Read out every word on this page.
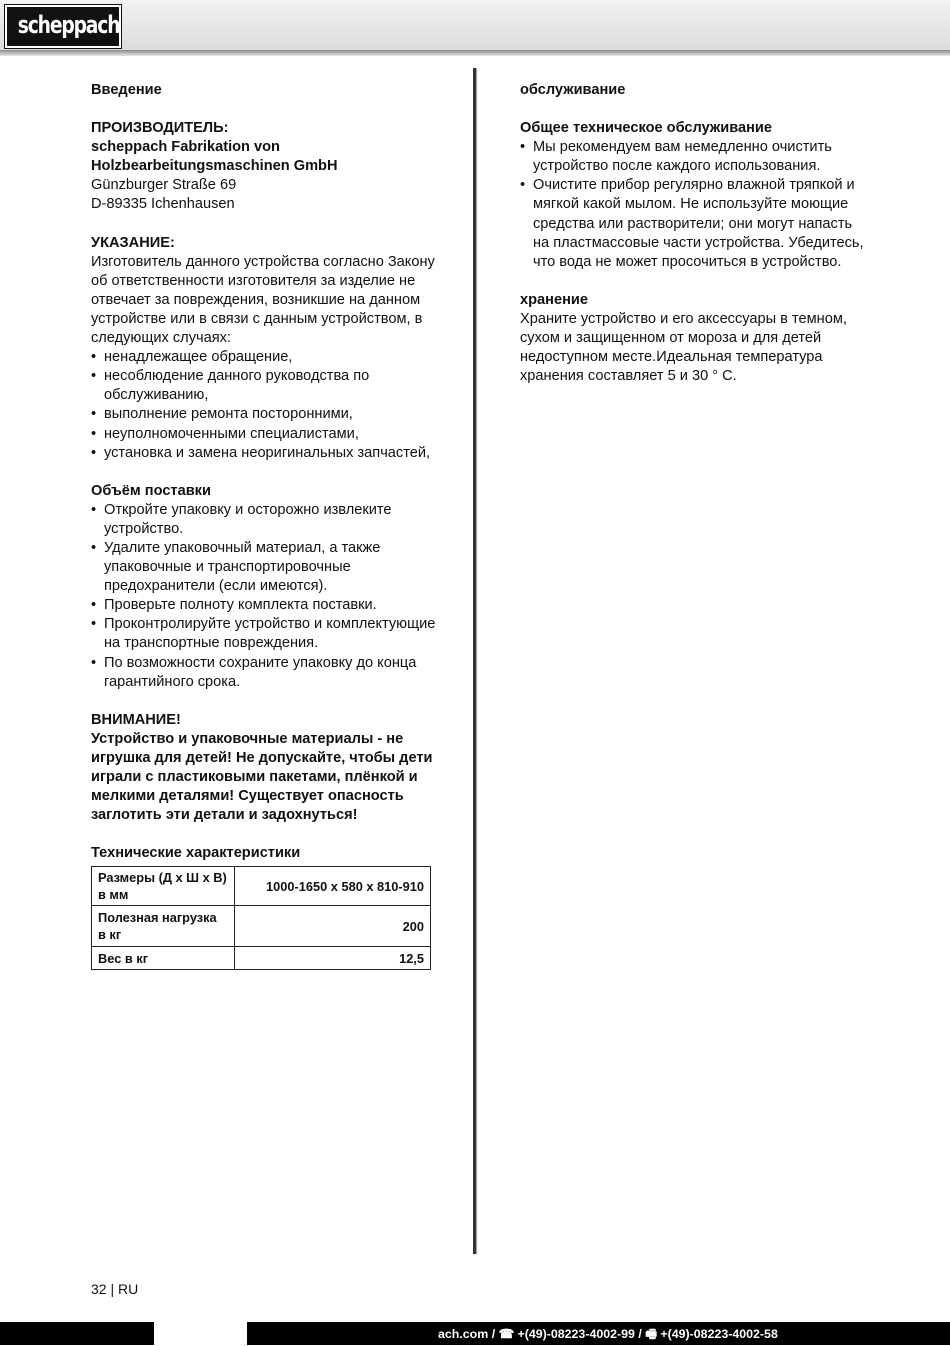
scheppach

Введение

ПРОИЗВОДИТЕЛЬ:

scheppach Fabrikation von

Holzbearbeitungsmaschinen GmbH

Günzburger Straße 69

D-89335 Ichenhausen

УКАЗАНИЕ:

Изготовитель данного устройства согласно Закону об ответственности изготовителя за изделие не отвечает за повреждения, возникшие на данном устройстве или в связи с данным устройством, в следующих случаях:

• ненадлежащее обращение,
• несоблюдение данного руководства по обслуживанию,
• выполнение ремонта посторонними,
• неуполномоченными специалистами,
• установка и замена неоригинальных запчастей,

Объём поставки

• Откройте упаковку и осторожно извлеките устройство.
• Удалите упаковочный материал, а также упаковочные и транспортировочные предохранители (если имеются).
• Проверьте полноту комплекта поставки.
• Проконтролируйте устройство и комплектующие на транспортные повреждения.
• По возможности сохраните упаковку до конца гарантийного срока.

ВНИМАНИЕ!

Устройство и упаковочные материалы - не игрушка для детей! Не допускайте, чтобы дети играли с пластиковыми пакетами, плёнкой и мелкими деталями! Существует опасность заглотить эти детали и задохнуться!

Технические характеристики

Размеры (Д x Ш x В) в мм	1000-1650 x 580 x 810-910
Полезная нагрузка в кг	200
Вес в кг	12,5

обслуживание

Общее техническое обслуживание

• Мы рекомендуем вам немедленно очистить устройство после каждого использования.
• Очистите прибор регулярно влажной тряпкой и мягкой какой мылом. Не используйте моющие средства или растворители; они могут напасть на пластмассовые части устройства. Убедитесь, что вода не может просочиться в устройство.

хранение

Храните устройство и его аксессуары в темном, сухом и защищенном от мороза и для детей недоступном месте.Идеальная температура хранения составляет 5 и 30 ° C.

32 | RU
ach.com / ☎ +(49)-08223-4002-99 / 🖷 +(49)-08223-4002-58
